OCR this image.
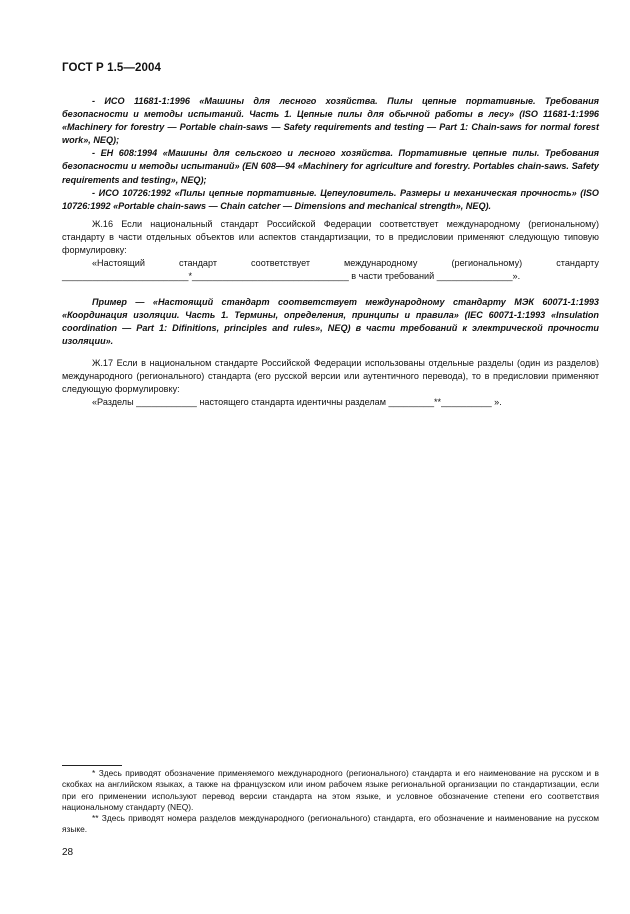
ГОСТ Р 1.5—2004

- ИСО 11681-1:1996 «Машины для лесного хозяйства. Пилы цепные портативные. Требования безопасности и методы испытаний. Часть 1. Цепные пилы для обычной работы в лесу» (ISO 11681-1:1996 «Machinery for forestry — Portable chain-saws — Safety requirements and testing — Part 1: Chain-saws for normal forest work», NEQ);

- ЕН 608:1994 «Машины для сельского и лесного хозяйства. Портативные цепные пилы. Требования безопасности и методы испытаний» (EN 608—94 «Machinery for agriculture and forestry. Portables chain-saws. Safety requirements and testing», NEQ);

- ИСО 10726:1992 «Пилы цепные портативные. Цепеуловитель. Размеры и механическая прочность» (ISO 10726:1992 «Portable chain-saws — Chain catcher — Dimensions and mechanical strength», NEQ).

Ж.16 Если национальный стандарт Российской Федерации соответствует международному (региональному) стандарту в части отдельных объектов или аспектов стандартизации, то в предисловии применяют следующую типовую формулировку:

«Настоящий	стандарт	соответствует	международному	(региональному)	стандарту

_________________________*_______________________________ в части требований _______________».

Пример — «Настоящий стандарт соответствует международному стандарту МЭК 60071-1:1993 «Координация изоляции. Часть 1. Термины, определения, принципы и правила» (IEC 60071-1:1993 «Insulation coordination — Part 1: Difinitions, principles and rules», NEQ) в части требований к электрической прочности изоляции».

Ж.17 Если в национальном стандарте Российской Федерации использованы отдельные разделы (один из разделов) международного (регионального) стандарта (его русской версии или аутентичного перевода), то в предисловии применяют следующую формулировку:

«Разделы ____________ настоящего стандарта идентичны разделам _________**__________ ».

* Здесь приводят обозначение применяемого международного (регионального) стандарта и его наименование на русском и в скобках на английском языках, а также на французском или ином рабочем языке региональной организации по стандартизации, если при его применении используют перевод версии стандарта на этом языке, и условное обозначение степени его соответствия национальному стандарту (NEQ).

** Здесь приводят номера разделов международного (регионального) стандарта, его обозначение и наименование на русском языке.

28
